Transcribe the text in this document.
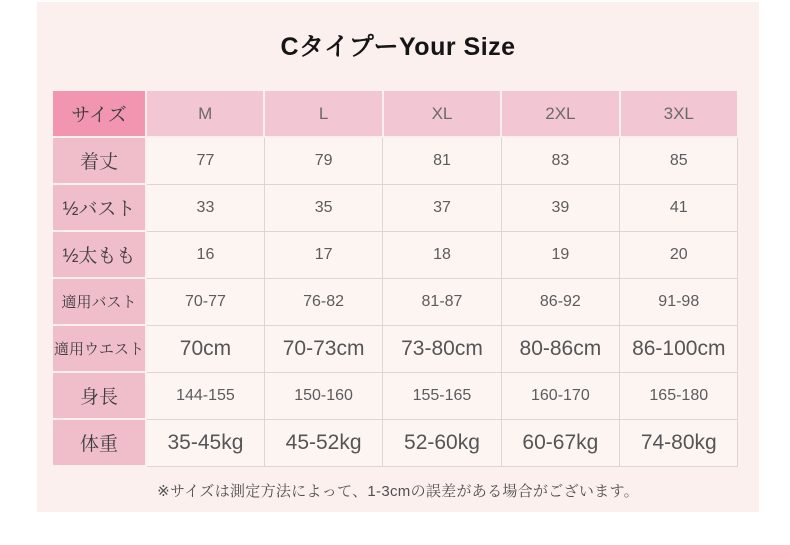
CタイプーYour Size
サイズ	M	L	XL	2XL	3XL
着丈	77	79	81	83	85
½バスト	33	35	37	39	41
½太もも	16	17	18	19	20
適用バスト	70-77	76-82	81-87	86-92	91-98
適用ウエスト	70cm	70-73cm	73-80cm	80-86cm	86-100cm
身長	144-155	150-160	155-165	160-170	165-180
体重	35-45kg	45-52kg	52-60kg	60-67kg	74-80kg
※サイズは測定方法によって、1-3cmの誤差がある場合がございます。
